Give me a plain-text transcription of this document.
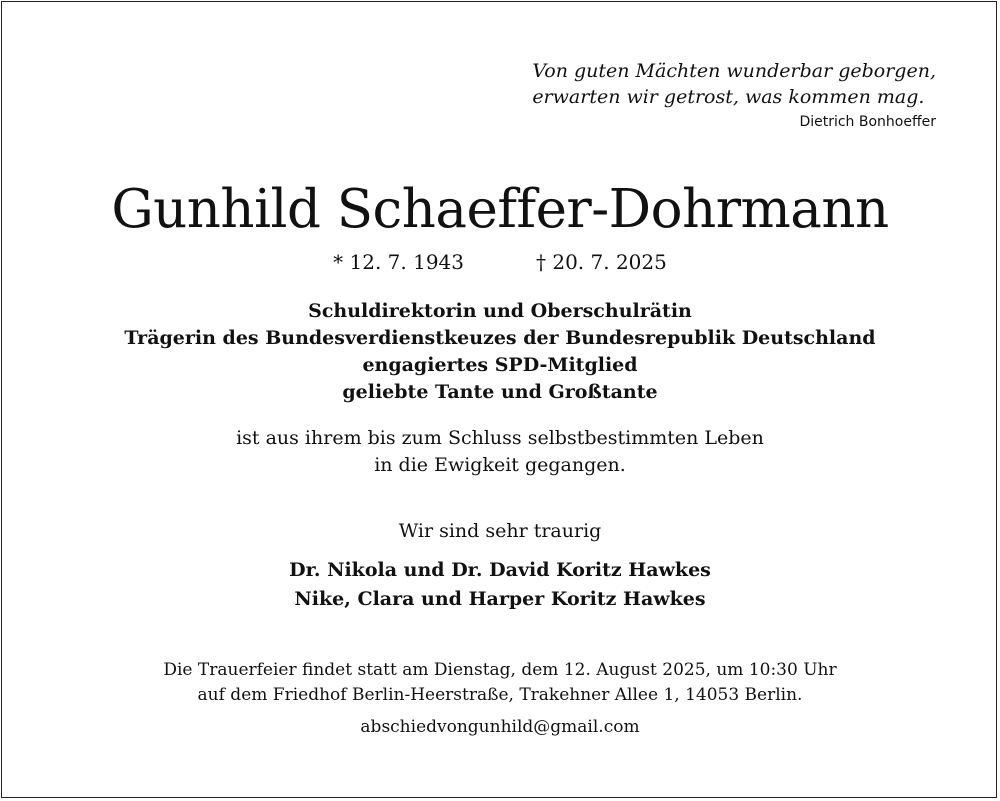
Von guten Mächten wunderbar geborgen,
erwarten wir getrost, was kommen mag.
Dietrich Bonhoeffer
Gunhild Schaeffer-Dohrmann
* 12. 7. 1943	† 20. 7. 2025
Schuldirektorin und Oberschulrätin
Trägerin des Bundesverdienstkeuzes der Bundesrepublik Deutschland
engagiertes SPD-Mitglied
geliebte Tante und Großtante
ist aus ihrem bis zum Schluss selbstbestimmten Leben
in die Ewigkeit gegangen.
Wir sind sehr traurig
Dr. Nikola und Dr. David Koritz Hawkes
Nike, Clara und Harper Koritz Hawkes
Die Trauerfeier findet statt am Dienstag, dem 12. August 2025, um 10:30 Uhr
auf dem Friedhof Berlin-Heerstraße, Trakehner Allee 1, 14053 Berlin.
abschiedvongunhild@gmail.com
